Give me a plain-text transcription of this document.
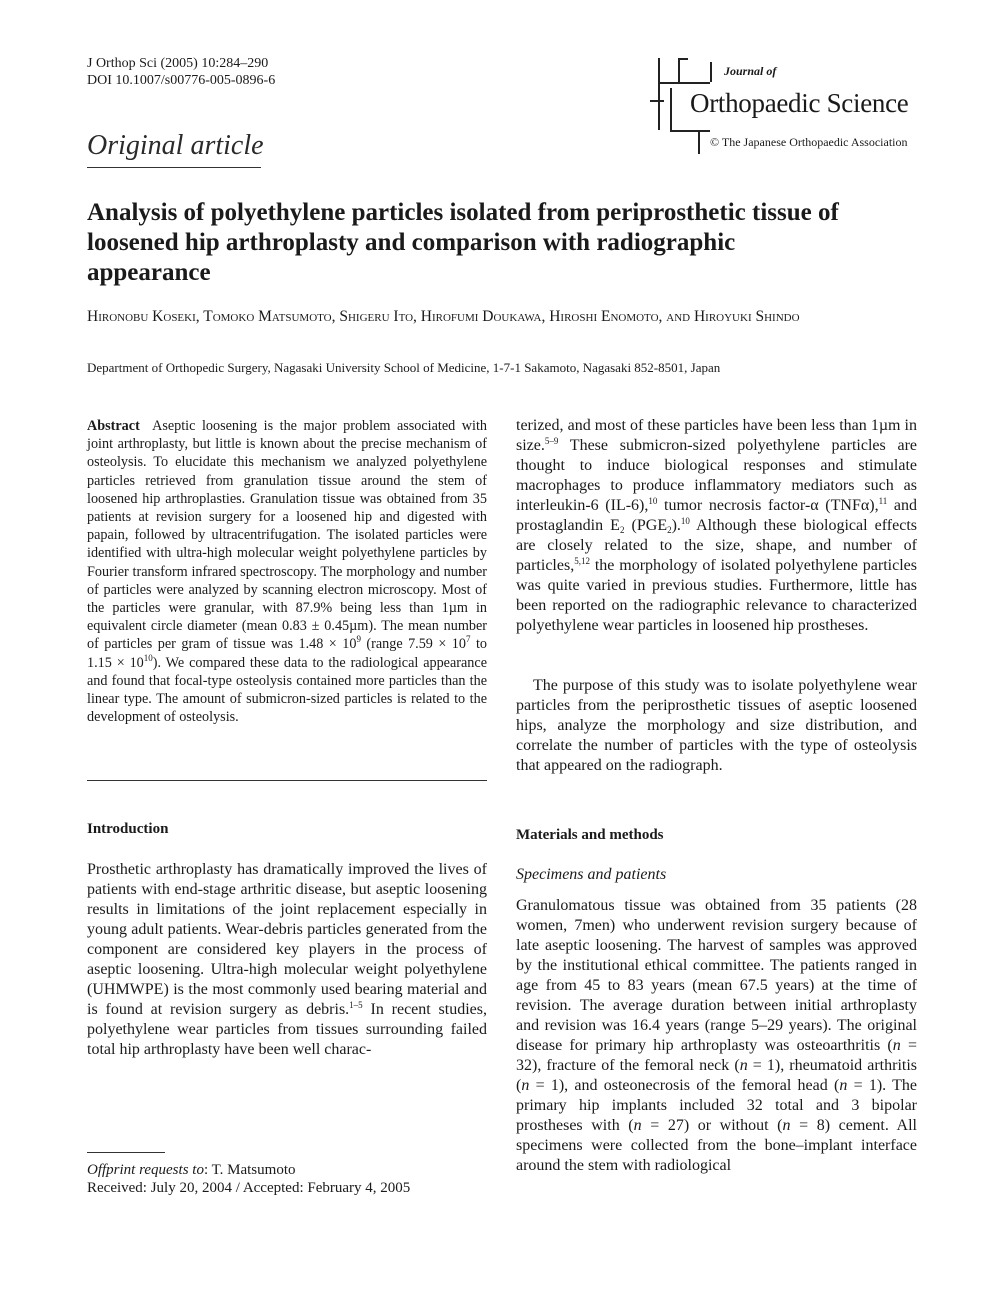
J Orthop Sci (2005) 10:284–290
DOI 10.1007/s00776-005-0896-6
Original article
Journal of
Orthopaedic Science
© The Japanese Orthopaedic Association
Analysis of polyethylene particles isolated from periprosthetic tissue of loosened hip arthroplasty and comparison with radiographic appearance
Hironobu Koseki, Tomoko Matsumoto, Shigeru Ito, Hirofumi Doukawa, Hiroshi Enomoto, and Hiroyuki Shindo
Department of Orthopedic Surgery, Nagasaki University School of Medicine, 1-7-1 Sakamoto, Nagasaki 852-8501, Japan
Abstract Aseptic loosening is the major problem associated with joint arthroplasty, but little is known about the precise mechanism of osteolysis. To elucidate this mechanism we analyzed polyethylene particles retrieved from granulation tissue around the stem of loosened hip arthroplasties. Granulation tissue was obtained from 35 patients at revision surgery for a loosened hip and digested with papain, followed by ultracentrifugation. The isolated particles were identified with ultra-high molecular weight polyethylene particles by Fourier transform infrared spectroscopy. The morphology and number of particles were analyzed by scanning electron microscopy. Most of the particles were granular, with 87.9% being less than 1µm in equivalent circle diameter (mean 0.83 ± 0.45µm). The mean number of particles per gram of tissue was $1.48 \times 10^9$ (range $7.59 \times 10^7$ to $1.15 \times 10^{10}$). We compared these data to the radiological appearance and found that focal-type osteolysis contained more particles than the linear type. The amount of submicron-sized particles is related to the development of osteolysis.
Introduction
Prosthetic arthroplasty has dramatically improved the lives of patients with end-stage arthritic disease, but aseptic loosening results in limitations of the joint replacement especially in young adult patients. Wear-debris particles generated from the component are considered key players in the process of aseptic loosening. Ultra-high molecular weight polyethylene (UHMWPE) is the most commonly used bearing material and is found at revision surgery as debris.$^{1-5}$ In recent studies, polyethylene wear particles from tissues surrounding failed total hip arthroplasty have been well charac-
terized, and most of these particles have been less than 1µm in size.$^{5-9}$ These submicron-sized polyethylene particles are thought to induce biological responses and stimulate macrophages to produce inflammatory mediators such as interleukin-6 (IL-6),$^{10}$ tumor necrosis factor-α (TNFα),$^{11}$ and prostaglandin $E_2$ $(PGE_2).^{10}$ Although these biological effects are closely related to the size, shape, and number of particles,$^{5,12}$ the morphology of isolated polyethylene particles was quite varied in previous studies. Furthermore, little has been reported on the radiographic relevance to characterized polyethylene wear particles in loosened hip prostheses.
The purpose of this study was to isolate polyethylene wear particles from the periprosthetic tissues of aseptic loosened hips, analyze the morphology and size distribution, and correlate the number of particles with the type of osteolysis that appeared on the radiograph.
Materials and methods
Specimens and patients
Granulomatous tissue was obtained from 35 patients (28 women, 7men) who underwent revision surgery because of late aseptic loosening. The harvest of samples was approved by the institutional ethical committee. The patients ranged in age from 45 to 83 years (mean 67.5 years) at the time of revision. The average duration between initial arthroplasty and revision was 16.4 years (range 5–29 years). The original disease for primary hip arthroplasty was osteoarthritis (n = 32), fracture of the femoral neck (n = 1), rheumatoid arthritis (n = 1), and osteonecrosis of the femoral head (n = 1). The primary hip implants included 32 total and 3 bipolar prostheses with (n = 27) or without (n = 8) cement. All specimens were collected from the bone–implant interface around the stem with radiological
Offprint requests to: T. Matsumoto
Received: July 20, 2004 / Accepted: February 4, 2005
